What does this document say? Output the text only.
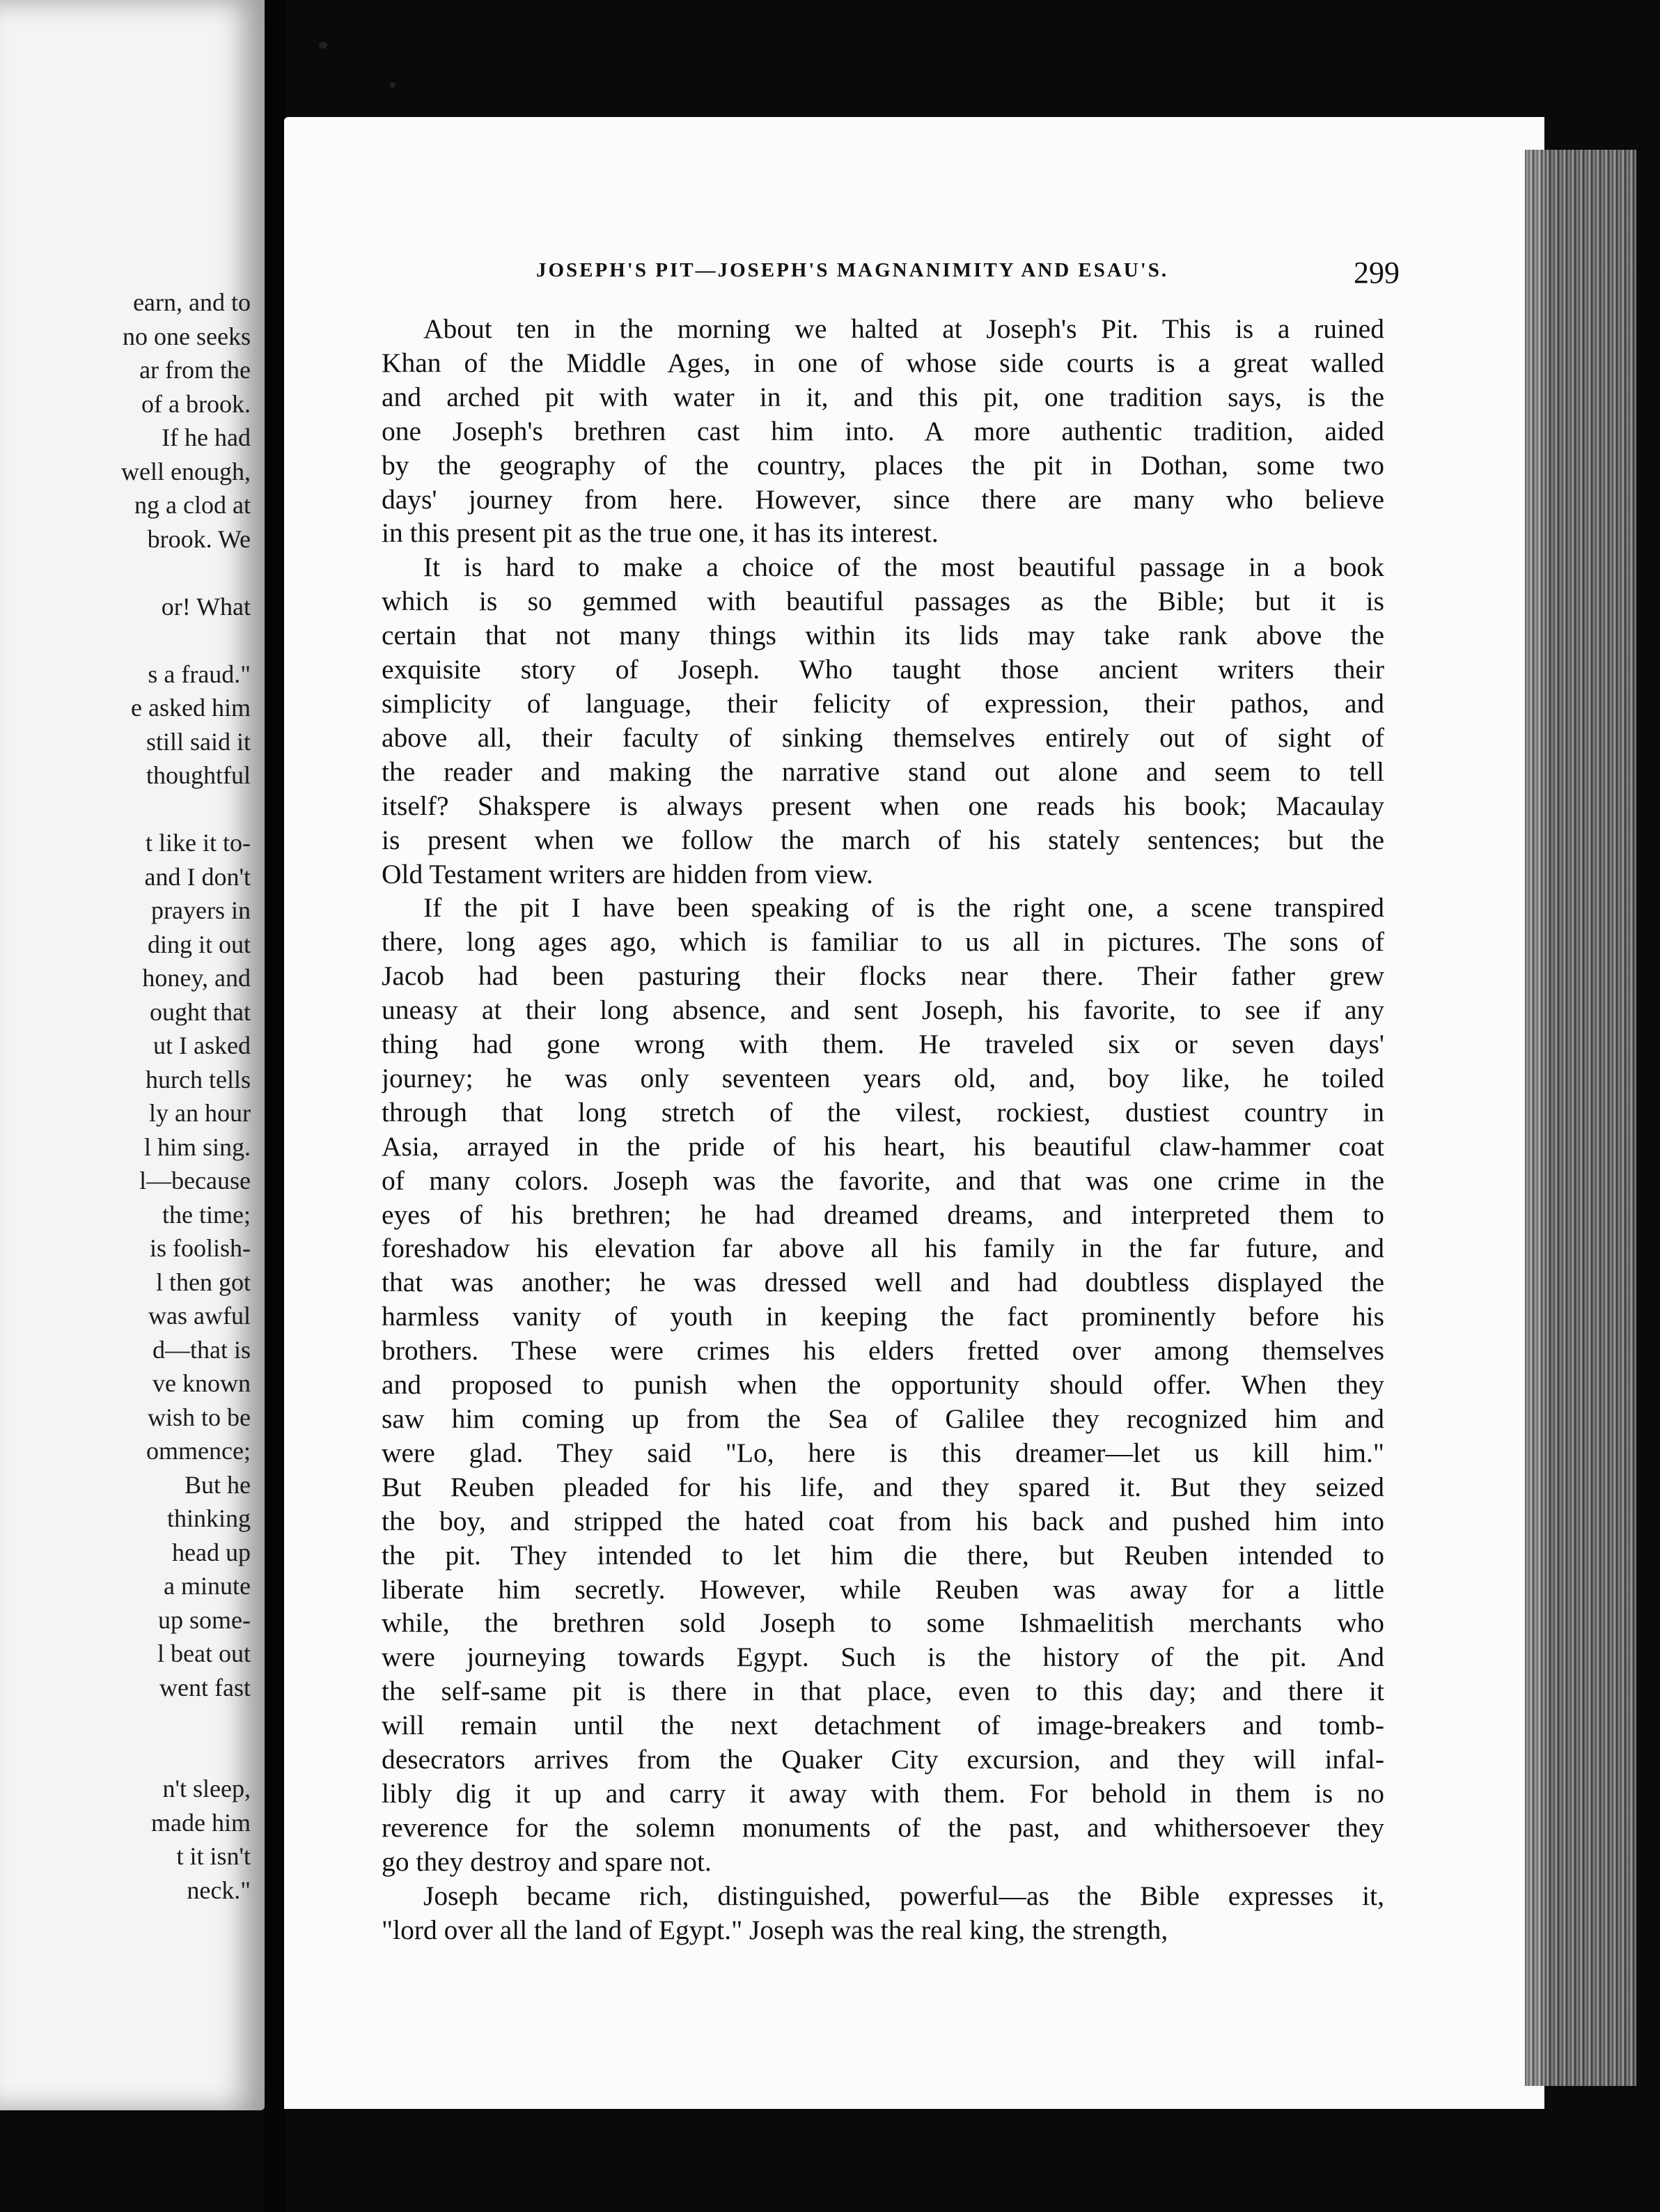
earn, and to
no one seeks
ar from the
of a brook.
If he had
well enough,
ng a clod at
brook. We
or! What
s a fraud."
e asked him
still said it
thoughtful
t like it to-
and I don't
prayers in
ding it out
honey, and
ought that
ut I asked
hurch tells
ly an hour
l him sing.
l—because
the time;
is foolish-
l then got
was awful
d—that is
ve known
wish to be
ommence;
But he
thinking
head up
a minute
up some-
l beat out
went fast
n't sleep,
made him
t it isn't
neck."
JOSEPH'S PIT—JOSEPH'S MAGNANIMITY AND ESAU'S.	299
About ten in the morning we halted at Joseph's Pit. This is a ruined
Khan of the Middle Ages, in one of whose side courts is a great walled
and arched pit with water in it, and this pit, one tradition says, is the
one Joseph's brethren cast him into. A more authentic tradition, aided
by the geography of the country, places the pit in Dothan, some two
days' journey from here. However, since there are many who believe
in this present pit as the true one, it has its interest.
It is hard to make a choice of the most beautiful passage in a book
which is so gemmed with beautiful passages as the Bible; but it is
certain that not many things within its lids may take rank above the
exquisite story of Joseph. Who taught those ancient writers their
simplicity of language, their felicity of expression, their pathos, and
above all, their faculty of sinking themselves entirely out of sight of
the reader and making the narrative stand out alone and seem to tell
itself? Shakspere is always present when one reads his book; Macaulay
is present when we follow the march of his stately sentences; but the
Old Testament writers are hidden from view.
If the pit I have been speaking of is the right one, a scene transpired
there, long ages ago, which is familiar to us all in pictures. The sons of
Jacob had been pasturing their flocks near there. Their father grew
uneasy at their long absence, and sent Joseph, his favorite, to see if any
thing had gone wrong with them. He traveled six or seven days'
journey; he was only seventeen years old, and, boy like, he toiled
through that long stretch of the vilest, rockiest, dustiest country in
Asia, arrayed in the pride of his heart, his beautiful claw-hammer coat
of many colors. Joseph was the favorite, and that was one crime in the
eyes of his brethren; he had dreamed dreams, and interpreted them to
foreshadow his elevation far above all his family in the far future, and
that was another; he was dressed well and had doubtless displayed the
harmless vanity of youth in keeping the fact prominently before his
brothers. These were crimes his elders fretted over among themselves
and proposed to punish when the opportunity should offer. When they
saw him coming up from the Sea of Galilee they recognized him and
were glad. They said "Lo, here is this dreamer—let us kill him."
But Reuben pleaded for his life, and they spared it. But they seized
the boy, and stripped the hated coat from his back and pushed him into
the pit. They intended to let him die there, but Reuben intended to
liberate him secretly. However, while Reuben was away for a little
while, the brethren sold Joseph to some Ishmaelitish merchants who
were journeying towards Egypt. Such is the history of the pit. And
the self-same pit is there in that place, even to this day; and there it
will remain until the next detachment of image-breakers and tomb-
desecrators arrives from the Quaker City excursion, and they will infal-
libly dig it up and carry it away with them. For behold in them is no
reverence for the solemn monuments of the past, and whithersoever they
go they destroy and spare not.
Joseph became rich, distinguished, powerful—as the Bible expresses it,
"lord over all the land of Egypt." Joseph was the real king, the strength,
